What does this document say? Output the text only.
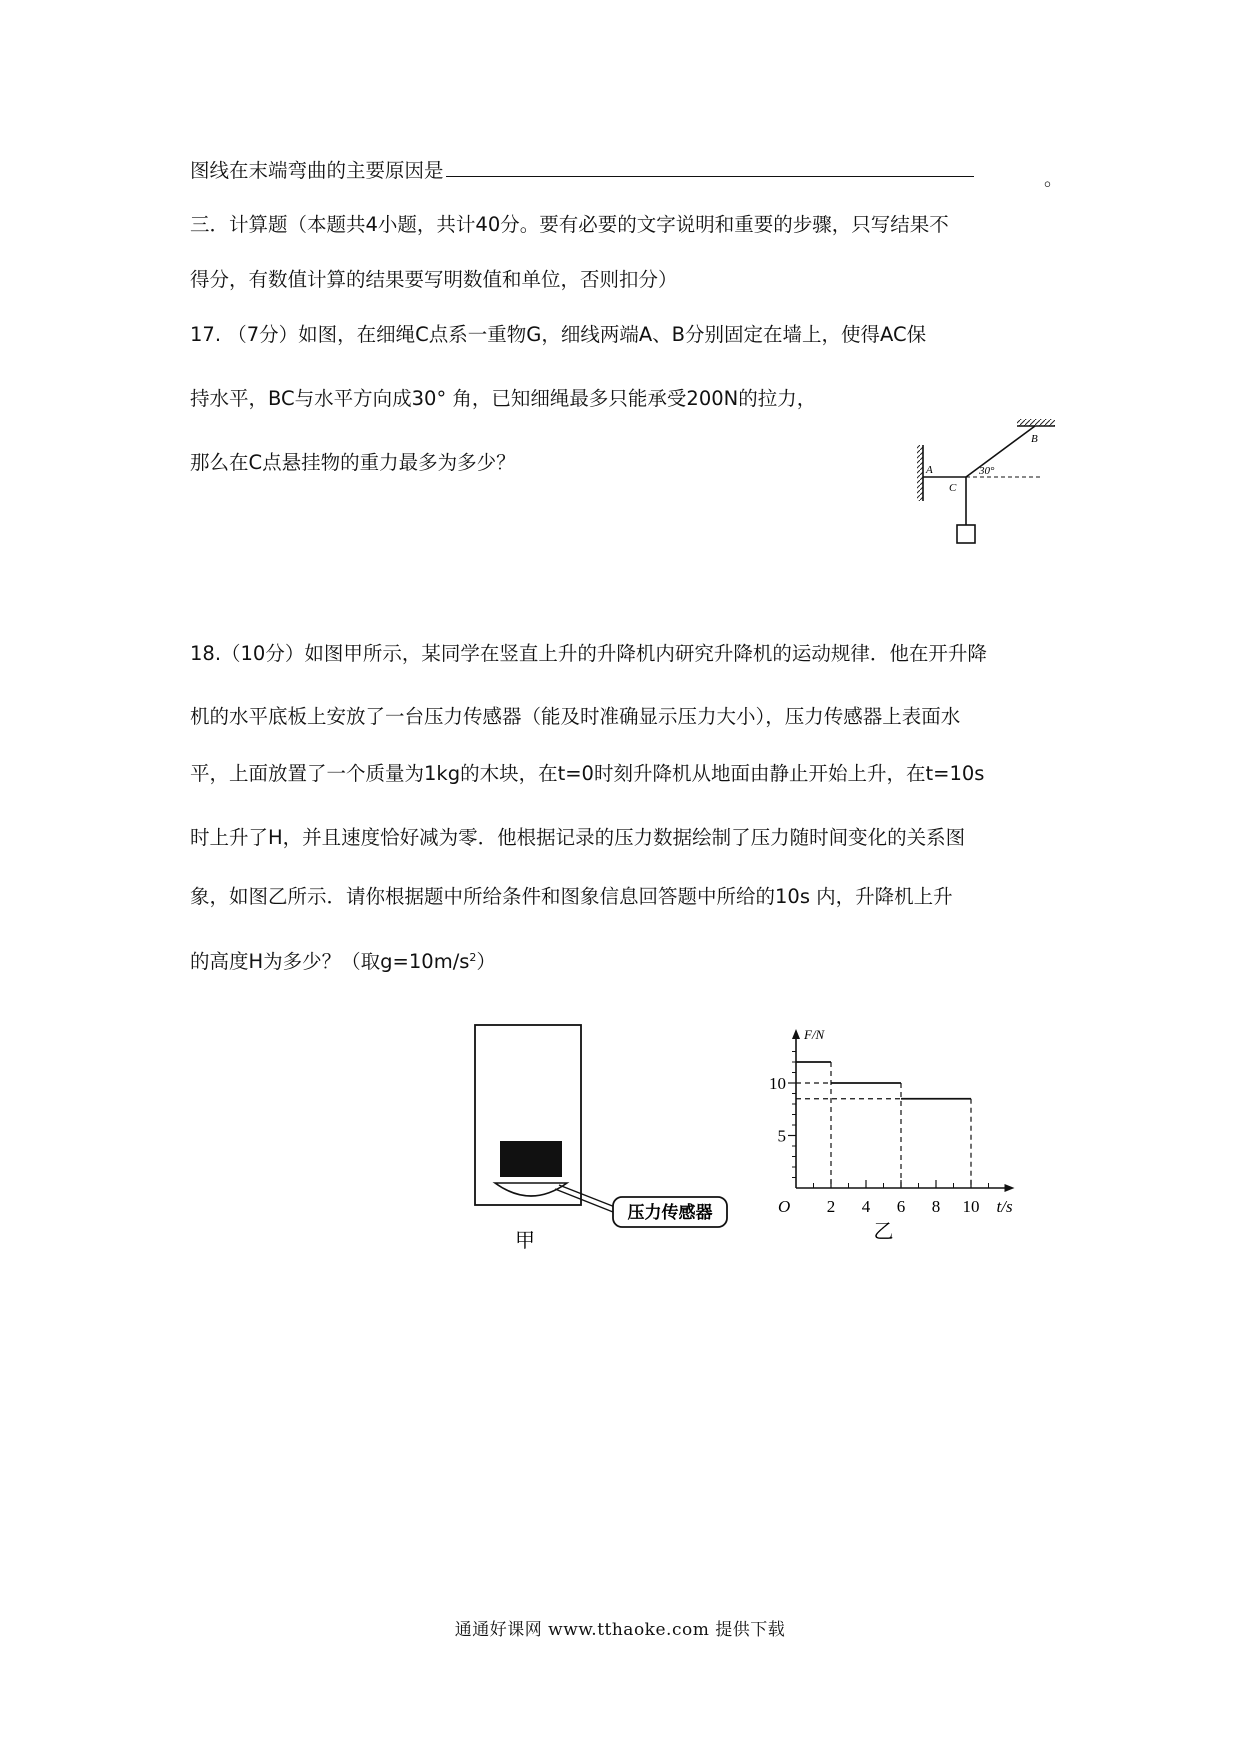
图线在末端弯曲的主要原因是	。
三．计算题（本题共4小题，共计40分。要有必要的文字说明和重要的步骤，只写结果不
得分，有数值计算的结果要写明数值和单位，否则扣分）
17. （7分）如图，在细绳C点系一重物G，细线两端A、B分别固定在墙上，使得AC保
持水平，BC与水平方向成30° 角，已知细绳最多只能承受200N的拉力，
那么在C点悬挂物的重力最多为多少？	A
C
B
30°
18.（10分）如图甲所示，某同学在竖直上升的升降机内研究升降机的运动规律．他在开升降
机的水平底板上安放了一台压力传感器（能及时准确显示压力大小），压力传感器上表面水
平，上面放置了一个质量为1kg的木块，在t=0时刻升降机从地面由静止开始上升，在t=10s
时上升了H，并且速度恰好减为零．他根据记录的压力数据绘制了压力随时间变化的关系图
象，如图乙所示．请你根据题中所给条件和图象信息回答题中所给的10s 内，升降机上升
的高度H为多少？（取$g=10m/s^2$）
压力传感器
甲
2 4 6 8 10
5
10
F/N
t/s
O
乙
通通好课网 www.tthaoke.com 提供下载
